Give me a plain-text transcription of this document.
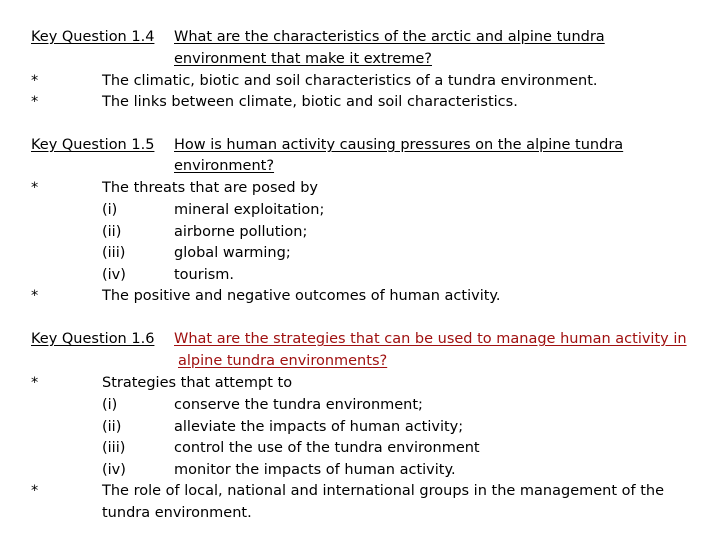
Key Question 1.4 What are the characteristics of the arctic and alpine tundra
environment that make it extreme?
*	The climatic, biotic and soil characteristics of a tundra environment.
*	The links between climate, biotic and soil characteristics.
Key Question 1.5 How is human activity causing pressures on the alpine tundra
environment?
*	The threats that are posed by
(i)	mineral exploitation;
(ii)	airborne pollution;
(iii)	global warming;
(iv)	tourism.
*	The positive and negative outcomes of human activity.
Key Question 1.6 What are the strategies that can be used to manage human activity in
alpine tundra environments?
*	Strategies that attempt to
(i)	conserve the tundra environment;
(ii)	alleviate the impacts of human activity;
(iii)	control the use of the tundra environment
(iv)	monitor the impacts of human activity.
*	The role of local, national and international groups in the management of the
tundra environment.
